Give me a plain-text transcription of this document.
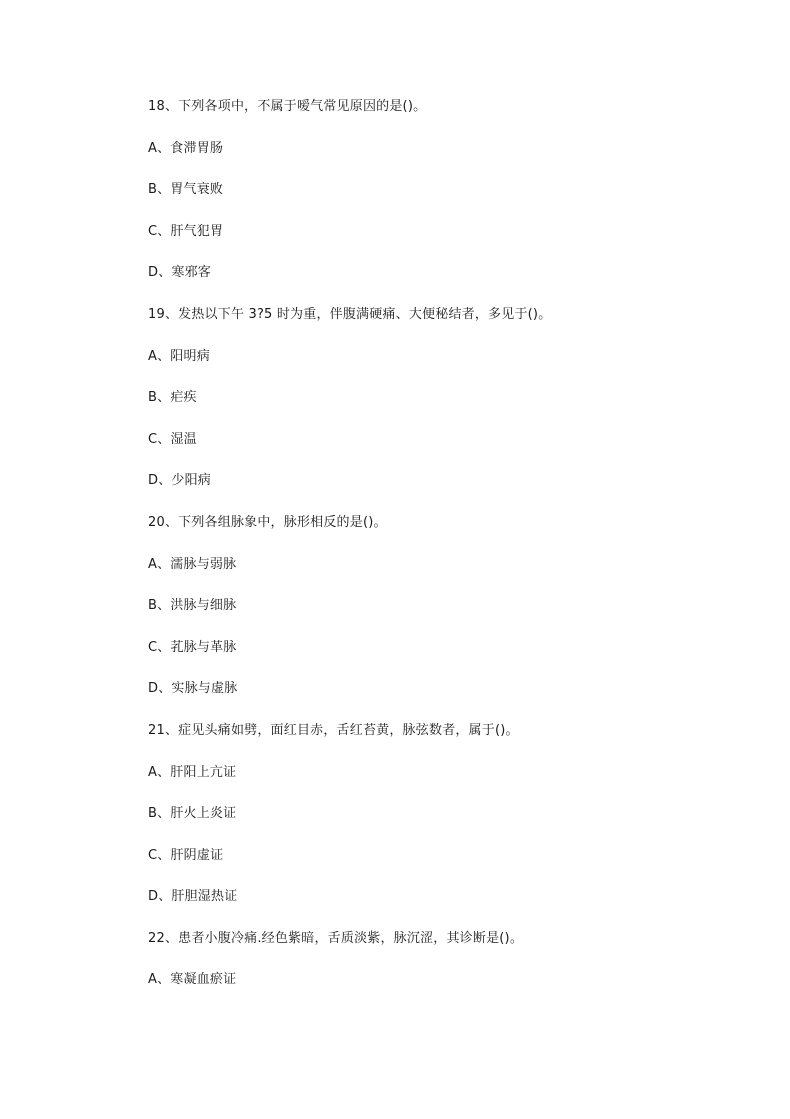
18、下列各项中，不属于嗳气常见原因的是()。
A、食滞胃肠
B、胃气衰败
C、肝气犯胃
D、寒邪客
19、发热以下午 3?5 时为重，伴腹满硬痛、大便秘结者，多见于()。
A、阳明病
B、疟疾
C、湿温
D、少阳病
20、下列各组脉象中，脉形相反的是()。
A、濡脉与弱脉
B、洪脉与细脉
C、芤脉与革脉
D、实脉与虚脉
21、症见头痛如劈，面红目赤，舌红苔黄，脉弦数者，属于()。
A、肝阳上亢证
B、肝火上炎证
C、肝阴虚证
D、肝胆湿热证
22、患者小腹冷痛.经色紫暗，舌质淡紫，脉沉涩，其诊断是()。
A、寒凝血瘀证
